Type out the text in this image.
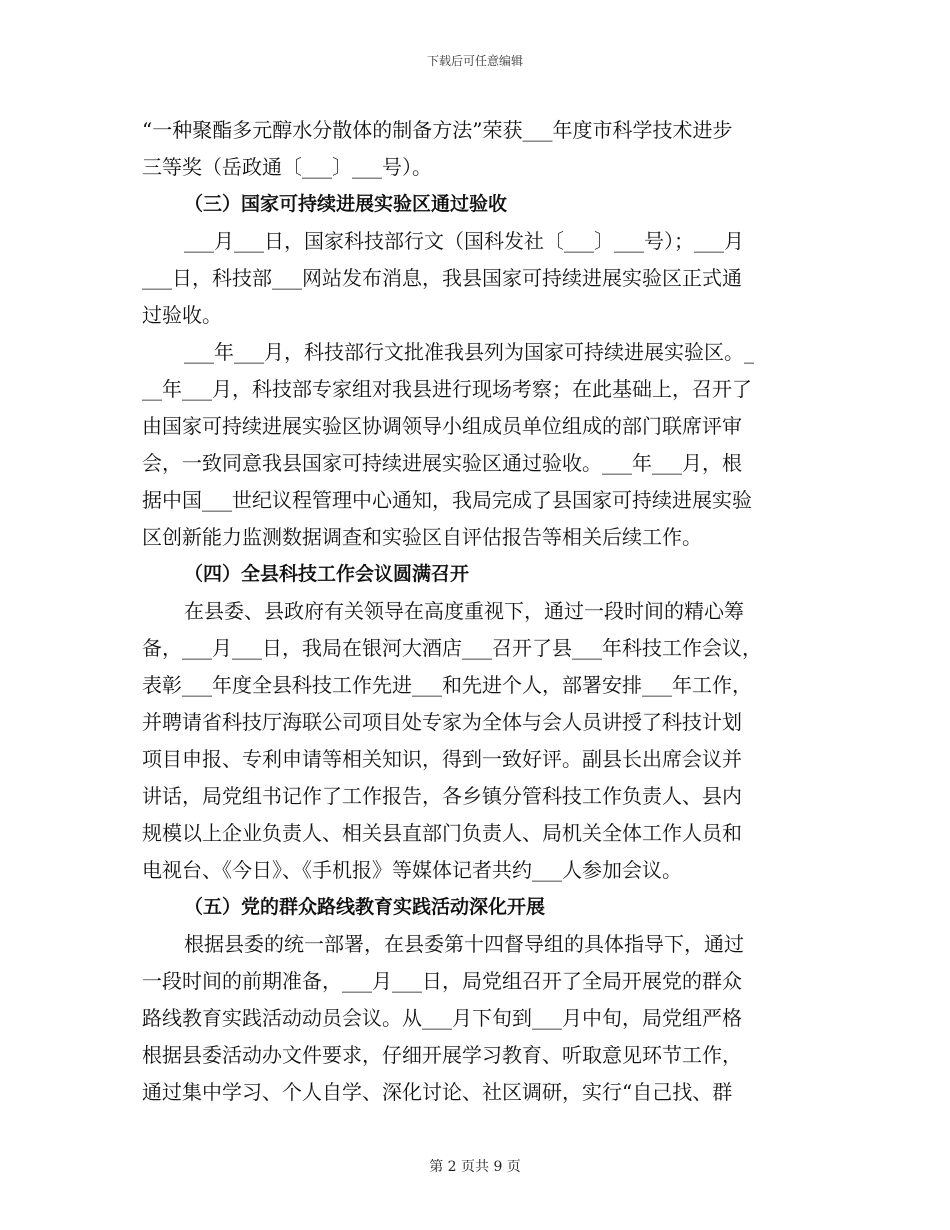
下载后可任意编辑
“一种聚酯多元醇水分散体的制备方法”荣获___年度市科学技术进步
三等奖（岳政通〔___〕___号）。
（三）国家可持续进展实验区通过验收
___月___日，国家科技部行文（国科发社〔___〕___号）；___月
___日，科技部___网站发布消息，我县国家可持续进展实验区正式通
过验收。
___年___月，科技部行文批准我县列为国家可持续进展实验区。_
__年___月，科技部专家组对我县进行现场考察；在此基础上，召开了
由国家可持续进展实验区协调领导小组成员单位组成的部门联席评审
会，一致同意我县国家可持续进展实验区通过验收。___年___月，根
据中国___世纪议程管理中心通知，我局完成了县国家可持续进展实验
区创新能力监测数据调查和实验区自评估报告等相关后续工作。
（四）全县科技工作会议圆满召开
在县委、县政府有关领导在高度重视下，通过一段时间的精心筹
备，___月___日，我局在银河大酒店___召开了县___年科技工作会议，
表彰___年度全县科技工作先进___和先进个人，部署安排___年工作，
并聘请省科技厅海联公司项目处专家为全体与会人员讲授了科技计划
项目申报、专利申请等相关知识，得到一致好评。副县长出席会议并
讲话，局党组书记作了工作报告，各乡镇分管科技工作负责人、县内
规模以上企业负责人、相关县直部门负责人、局机关全体工作人员和
电视台、《今日》、《手机报》等媒体记者共约___人参加会议。
（五）党的群众路线教育实践活动深化开展
根据县委的统一部署，在县委第十四督导组的具体指导下，通过
一段时间的前期准备，___月___日，局党组召开了全局开展党的群众
路线教育实践活动动员会议。从___月下旬到___月中旬，局党组严格
根据县委活动办文件要求，仔细开展学习教育、听取意见环节工作，
通过集中学习、个人自学、深化讨论、社区调研，实行“自己找、群
第 2 页共 9 页
